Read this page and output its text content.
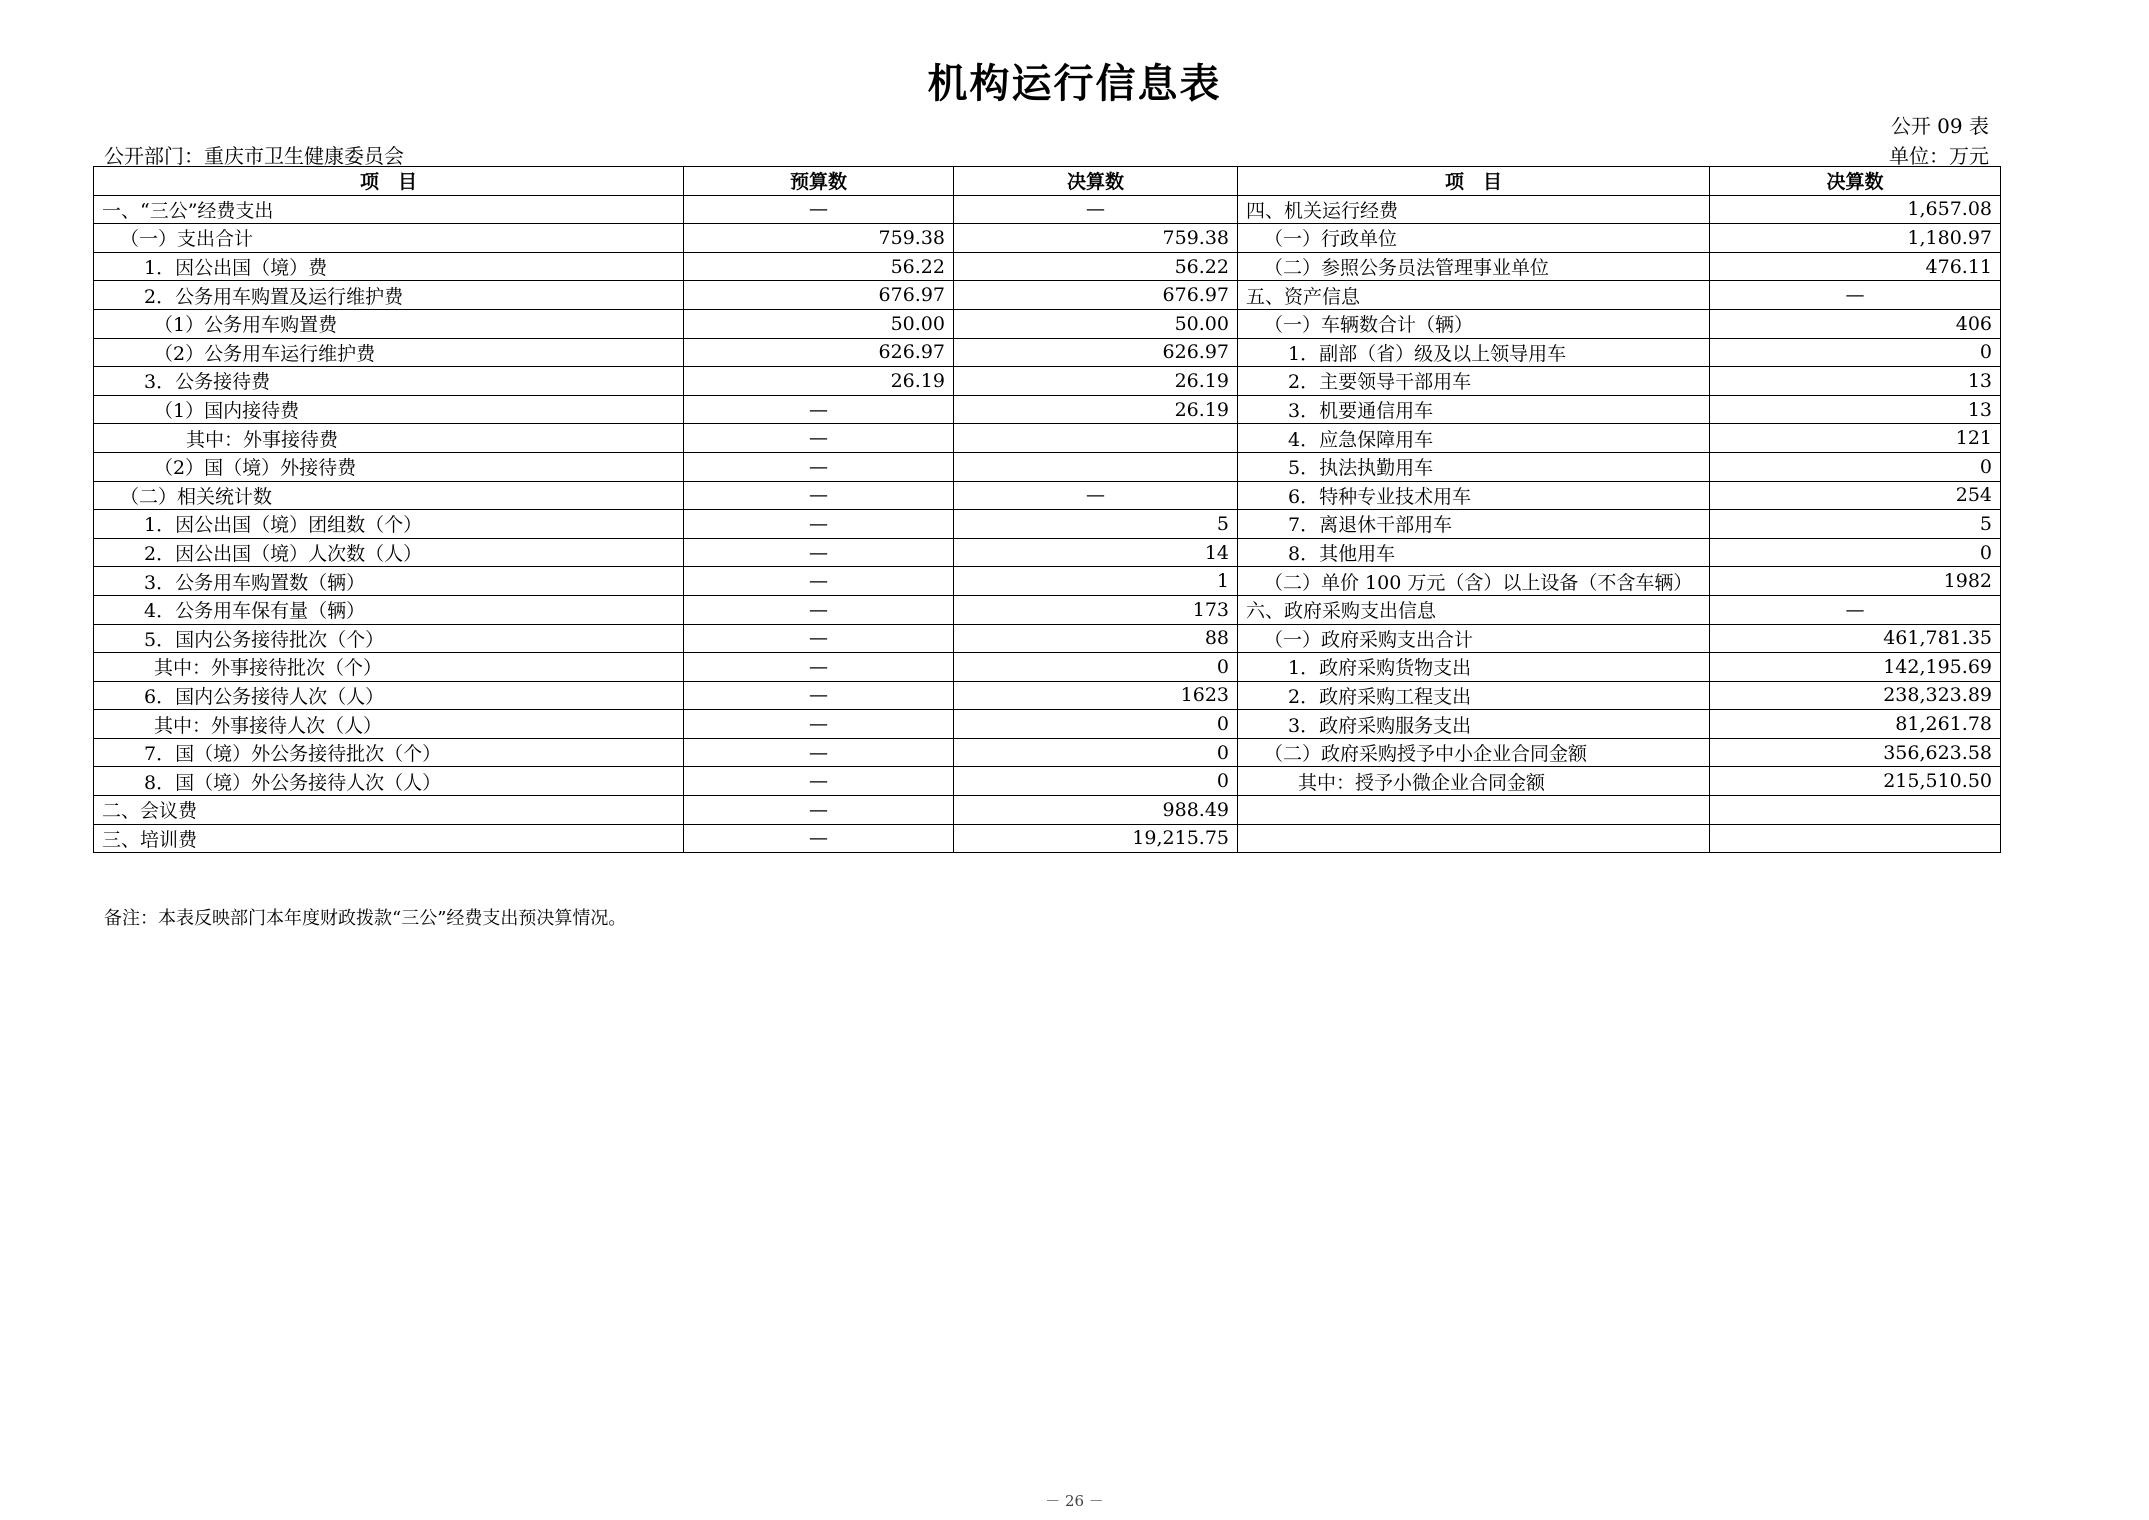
机构运行信息表
公开 09 表
公开部门：重庆市卫生健康委员会	单位：万元
项　目	预算数	决算数	项　目	决算数
一、“三公”经费支出	—	—	四、机关运行经费	1,657.08
（一）支出合计	759.38	759.38	（一）行政单位	1,180.97
1．因公出国（境）费	56.22	56.22	（二）参照公务员法管理事业单位	476.11
2．公务用车购置及运行维护费	676.97	676.97	五、资产信息	—
（1）公务用车购置费	50.00	50.00	（一）车辆数合计（辆）	406
（2）公务用车运行维护费	626.97	626.97	1．副部（省）级及以上领导用车	0
3．公务接待费	26.19	26.19	2．主要领导干部用车	13
（1）国内接待费	—	26.19	3．机要通信用车	13
其中：外事接待费	—		4．应急保障用车	121
（2）国（境）外接待费	—		5．执法执勤用车	0
（二）相关统计数	—	—	6．特种专业技术用车	254
1．因公出国（境）团组数（个）	—	5	7．离退休干部用车	5
2．因公出国（境）人次数（人）	—	14	8．其他用车	0
3．公务用车购置数（辆）	—	1	（二）单价 100 万元（含）以上设备（不含车辆）	1982
4．公务用车保有量（辆）	—	173	六、政府采购支出信息	—
5．国内公务接待批次（个）	—	88	（一）政府采购支出合计	461,781.35
其中：外事接待批次（个）	—	0	1．政府采购货物支出	142,195.69
6．国内公务接待人次（人）	—	1623	2．政府采购工程支出	238,323.89
其中：外事接待人次（人）	—	0	3．政府采购服务支出	81,261.78
7．国（境）外公务接待批次（个）	—	0	（二）政府采购授予中小企业合同金额	356,623.58
8．国（境）外公务接待人次（人）	—	0	其中：授予小微企业合同金额	215,510.50
二、会议费	—	988.49		
三、培训费	—	19,215.75		
备注：本表反映部门本年度财政拨款“三公”经费支出预决算情况。
－ 26 －
